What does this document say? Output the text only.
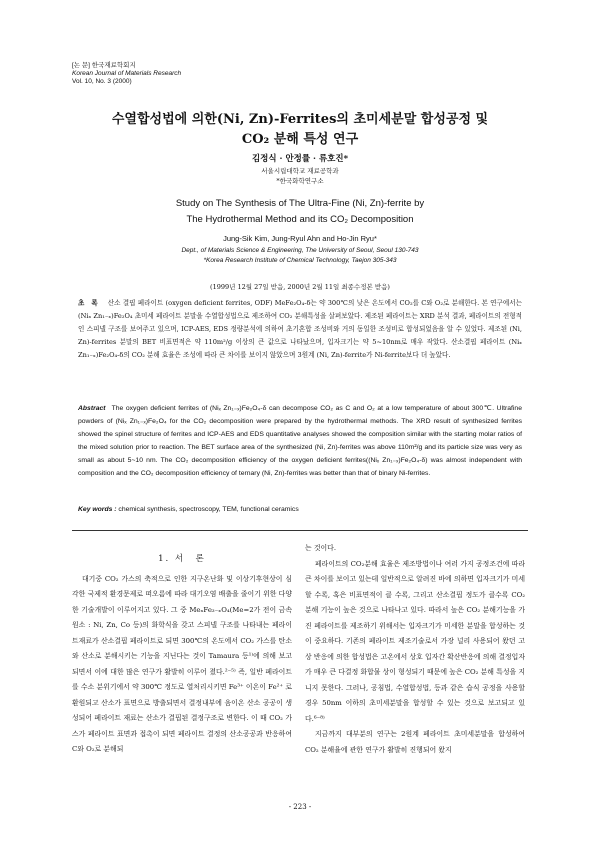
[논 문] 한국재료학회지
Korean Journal of Materials Research
Vol. 10, No. 3 (2000)
수열합성법에 의한(Ni, Zn)-Ferrites의 초미세분말 합성공정 및
CO₂ 분해 특성 연구
김정식 · 안정률 · 류호진*
서울시립대학교 재료공학과
*한국화학연구소
Study on The Synthesis of The Ultra-Fine (Ni, Zn)-ferrite by
The Hydrothermal Method and its CO₂ Decomposition
Jung-Sik Kim, Jung-Ryul Ahn and Ho-Jin Ryu*
Dept., of Materials Science & Engineering, The University of Seoul, Seoul 130-743
*Korea Research Institute of Chemical Technology, Taejon 305-343
(1999년 12월 27일 받음, 2000년 2월 11일 최종수정본 받음)
초　록 산소 결핍 페라이트 (oxygen deficient ferrites, ODF) MeFe₂O₄-δ는 약 300℃의 낮은 온도에서 CO₂를 C와 O₂로 분해한다. 본 연구에서는 (Niₓ Zn₁₋ₓ)Fe₂O₄ 초미세 페라이트 분말을 수열합성법으로 제조하여 CO₂ 분해특성을 살펴보았다. 제조된 페라이트는 XRD 분석 결과, 페라이트의 전형적인 스피넬 구조를 보여주고 있으며, ICP-AES, EDS 정량분석에 의하여 초기혼합 조성비와 거의 동일한 조성비로 합성되었음을 알 수 있었다. 제조된 (Ni, Zn)-ferrites 분말의 BET 비표면적은 약 110m²/g 이상의 큰 값으로 나타났으며, 입자크기는 약 5~10nm로 매우 작았다. 산소결핍 페라이트 (Niₓ Zn₁₋ₓ)Fe₂O₄-δ의 CO₂ 분해 효율은 조성에 따라 큰 차이를 보이지 않았으며 3원계 (Ni, Zn)-ferrite가 Ni-ferrite보다 더 높았다.
Abstract The oxygen deficient ferrites of (Niₓ Zn₁₋ₓ)Fe₂O₄-δ can decompose CO₂ as C and O₂ at a low temperature of about 300℃. Ultrafine powders of (Niₓ Zn₁₋ₓ)Fe₂O₄ for the CO₂ decomposition were prepared by the hydrothermal methods. The XRD result of synthesized ferrites showed the spinel structure of ferrites and ICP-AES and EDS quantitative analyses showed the composition similar with the starting molar ratios of the mixed solution prior to reaction. The BET surface area of the synthesized (Ni, Zn)-ferrites was above 110m²/g and its particle size was very as small as about 5~10 nm. The CO₂ decomposition efficiency of the oxygen deficient ferrites((Niₓ Zn₁₋ₓ)Fe₂O₄-δ) was almost independent with composition and the CO₂ decomposition efficiency of ternary (Ni, Zn)-ferrites was better than that of binary Ni-ferrites.
Key words : chemical synthesis, spectroscopy, TEM, functional ceramics
1. 서　론

대기중 CO₂ 가스의 축적으로 인한 지구온난화 및 이상기후현상이 심각한 국제적 환경문제로 떠오름에 따라 대기오염 배출을 줄이기 위한 다양한 기술개발이 이루어지고 있다. 그 중 MeₓFe₃₋ₓO₄(Me=2가 전이 금속 원소 : Ni, Zn, Co 등)의 화학식을 갖고 스피넬 구조를 나타내는 페라이트재료가 산소결핍 페라이트로 되면 300℃의 온도에서 CO₂ 가스를 탄소와 산소로 분해시키는 기능을 지닌다는 것이 Tamaura 등¹⁾에 의해 보고되면서 이에 대한 많은 연구가 활발히 이루어 졌다.²⁻⁵⁾ 즉, 일반 페라이트를 수소 분위기에서 약 300℃ 정도로 열처리시키면 Fe³⁺ 이온이 Fe²⁺ 로 환원되고 산소가 표면으로 방출되면서 결정내부에 음이온 산소 공공이 생성되어 페라이트 재료는 산소가 결핍된 결정구조로 변한다. 이 때 CO₂ 가스가 페라이트 표면과 접촉이 되면 페라이트 결정의 산소공공과 반응하여 C와 O₂로 분해되

는 것이다.

페라이트의 CO₂분해 효율은 제조방법이나 여러 가지 공정조건에 따라 큰 차이를 보이고 있는데 일반적으로 알려진 바에 의하면 입자크기가 미세할 수록, 혹은 비표면적이 클 수록, 그리고 산소결핍 정도가 클수록 CO₂ 분해 기능이 높은 것으로 나타나고 있다. 따라서 높은 CO₂ 분해기능을 가진 페라이트를 제조하기 위해서는 입자크기가 미세한 분말을 합성하는 것이 중요하다. 기존의 페라이트 제조기술로서 가장 널리 사용되어 왔던 고상 반응에 의한 합성법은 고온에서 상호 입자간 확산반응에 의해 결정입자가 매우 큰 다결정 화합물 상이 형성되기 때문에 높은 CO₂ 분해 특성을 지니지 못한다. 그러나, 공침법, 수열합성법, 등과 같은 습식 공정을 사용할 경우 50nm 이하의 초미세분말을 합성할 수 있는 것으로 보고되고 있다.⁶⁻⁸⁾

지금까지 대부분의 연구는 2원계 페라이트 초미세분말을 합성하여 CO₂ 분해율에 관한 연구가 활발히 진행되어 왔지

- 223 -
